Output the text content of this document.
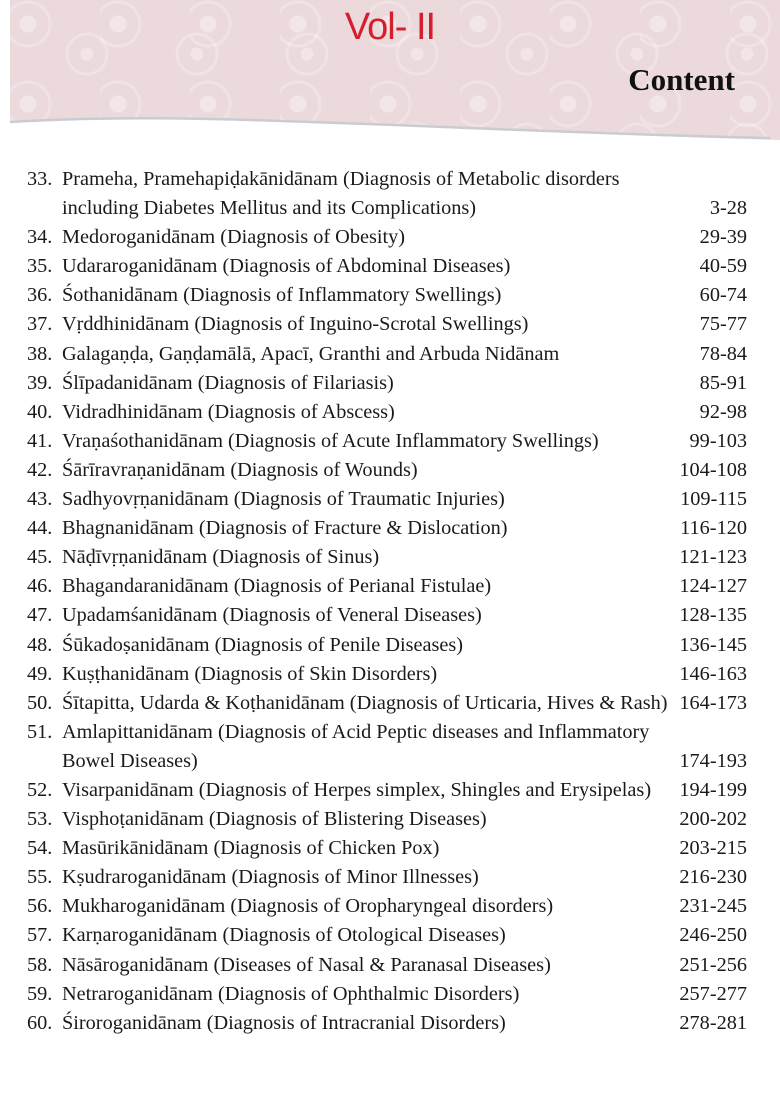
Vol- II
Content
33. Prameha, Pramehapiḍakānidānam (Diagnosis of Metabolic disorders including Diabetes Mellitus and its Complications)	3-28
34. Medoroganidānam (Diagnosis of Obesity)	29-39
35. Udararoganidānam (Diagnosis of Abdominal Diseases)	40-59
36. Śothanidānam (Diagnosis of Inflammatory Swellings)	60-74
37. Vṛddhinidānam (Diagnosis of Inguino-Scrotal Swellings)	75-77
38. Galagaṇḍa, Gaṇḍamālā, Apacī, Granthi and Arbuda Nidānam	78-84
39. Ślīpadanidānam (Diagnosis of Filariasis)	85-91
40. Vidradhinidānam (Diagnosis of Abscess)	92-98
41. Vraṇaśothanidānam (Diagnosis of Acute Inflammatory Swellings)	99-103
42. Śārīravraṇanidānam (Diagnosis of Wounds)	104-108
43. Sadhyovṛṇanidānam (Diagnosis of Traumatic Injuries)	109-115
44. Bhagnanidānam (Diagnosis of Fracture & Dislocation)	116-120
45. Nāḍīvṛṇanidānam (Diagnosis of Sinus)	121-123
46. Bhagandaranidānam (Diagnosis of Perianal Fistulae)	124-127
47. Upadamśanidānam (Diagnosis of Veneral Diseases)	128-135
48. Śūkadoṣanidānam (Diagnosis of Penile Diseases)	136-145
49. Kuṣṭhanidānam (Diagnosis of Skin Disorders)	146-163
50. Śītapitta, Udarda & Koṭhanidānam (Diagnosis of Urticaria, Hives & Rash) 164-173
51. Amlapittanidānam (Diagnosis of Acid Peptic diseases and Inflammatory Bowel Diseases)	174-193
52. Visarpanidānam (Diagnosis of Herpes simplex, Shingles and Erysipelas)	194-199
53. Visphoṭanidānam (Diagnosis of Blistering Diseases)	200-202
54. Masūrikānidānam (Diagnosis of Chicken Pox)	203-215
55. Kṣudraroganidānam (Diagnosis of Minor Illnesses)	216-230
56. Mukharoganidānam (Diagnosis of Oropharyngeal disorders)	231-245
57. Karṇaroganidānam (Diagnosis of Otological Diseases)	246-250
58. Nāsāroganidānam (Diseases of Nasal & Paranasal Diseases)	251-256
59. Netraroganidānam (Diagnosis of Ophthalmic Disorders)	257-277
60. Śiroroganidānam (Diagnosis of Intracranial Disorders)	278-281
